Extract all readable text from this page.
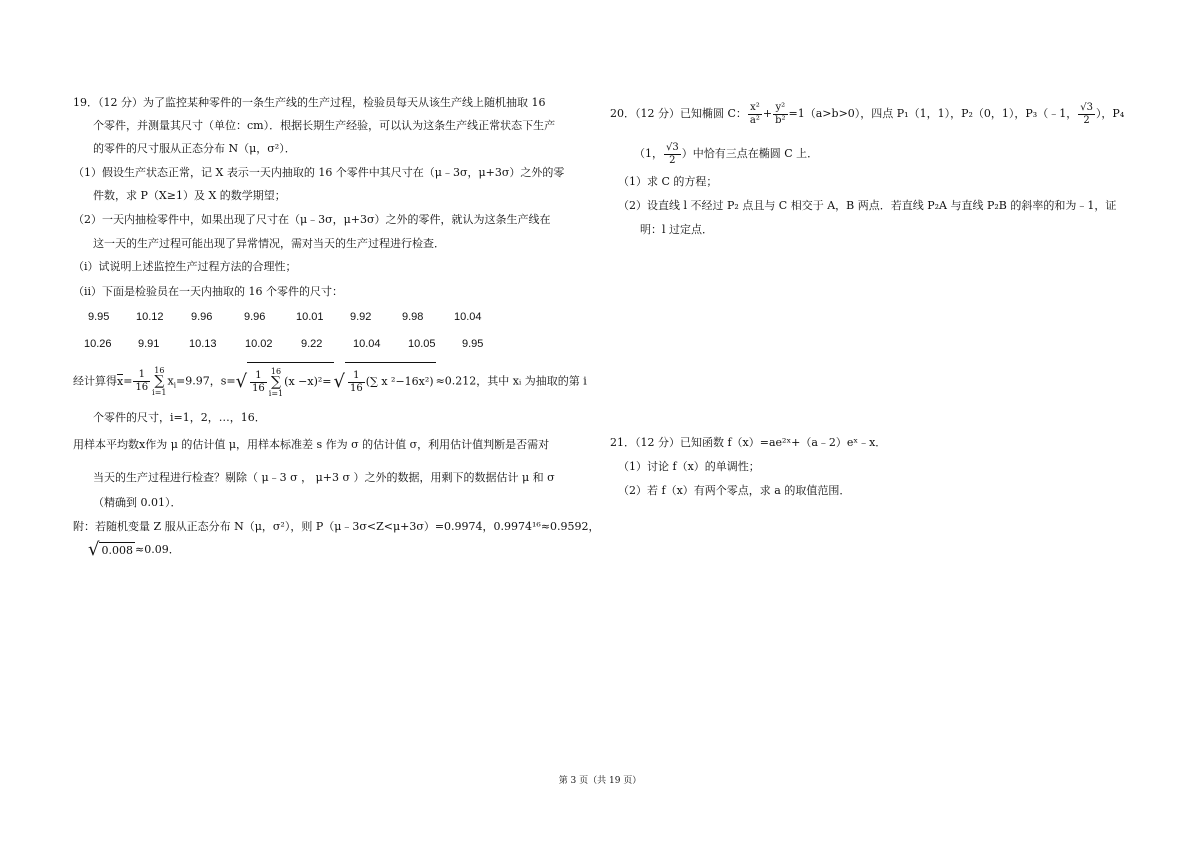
19．（12 分）为了监控某种零件的一条生产线的生产过程，检验员每天从该生产线上随机抽取 16
个零件，并测量其尺寸（单位：cm）．根据长期生产经验，可以认为这条生产线正常状态下生产
的零件的尺寸服从正态分布 N（μ，σ²）．
（1）假设生产状态正常，记 X 表示一天内抽取的 16 个零件中其尺寸在（μ﹣3σ，μ+3σ）之外的零
件数，求 P（X≥1）及 X 的数学期望；
（2）一天内抽检零件中，如果出现了尺寸在（μ﹣3σ，μ+3σ）之外的零件，就认为这条生产线在
这一天的生产过程可能出现了异常情况，需对当天的生产过程进行检查．
（ⅰ）试说明上述监控生产过程方法的合理性；
（ⅱ）下面是检验员在一天内抽取的 16 个零件的尺寸：
9.95 10.12 9.96	9.96	10.01 9.92	9.98	10.04
10.26 9.91	10.13	10.02	9.22	10.04 10.05 9.95
经计算得$x= \frac{1}{16} 16$
∑
$i=1x_i=9.97$，$s=√ \frac{1}{16} 16$
∑
i=1(x −x)²= √ $\frac{1}{16}$ (∑ x ²−16x²) ≈0.212，其中 xᵢ 为抽取的第 i
个零件的尺寸，i=1，2，…，16．
用样本平均数x作为 μ 的估计值 μ，用样本标准差 s 作为 σ 的估计值 σ，利用估计值判断是否需对
当天的生产过程进行检查？剔除（ μ﹣3 σ ， μ+3 σ ）之外的数据，用剩下的数据估计 μ 和 σ
（精确到 0.01）．
附：若随机变量 Z 服从正态分布 N（μ，σ²），则 P（μ﹣3σ<Z<μ+3σ）=0.9974，0.9974¹⁶≈0.9592，
√ 0.008 ≈0.09．
20．（12 分）已知椭圆 C： $\frac{\text{x²}}{\text{a²}} + \frac{\text{y²}}{\text{b²}} =1(a>b>0)$，四点 P₁（1，1），P₂（0，1），P₃（﹣1， $\frac{√3}{2}$ ），P₄
（1， $\frac{√3}{2}$ ）中恰有三点在椭圆 C 上．
（1）求 C 的方程；
（2）设直线 l 不经过 P₂ 点且与 C 相交于 A，B 两点．若直线 P₂A 与直线 P₂B 的斜率的和为﹣1，证
明：l 过定点．
21．（12 分）已知函数 f（x）=ae²ˣ+（a﹣2）eˣ﹣x．
（1）讨论 f（x）的单调性；
（2）若 f（x）有两个零点，求 a 的取值范围．
第 3 页（共 19 页）
